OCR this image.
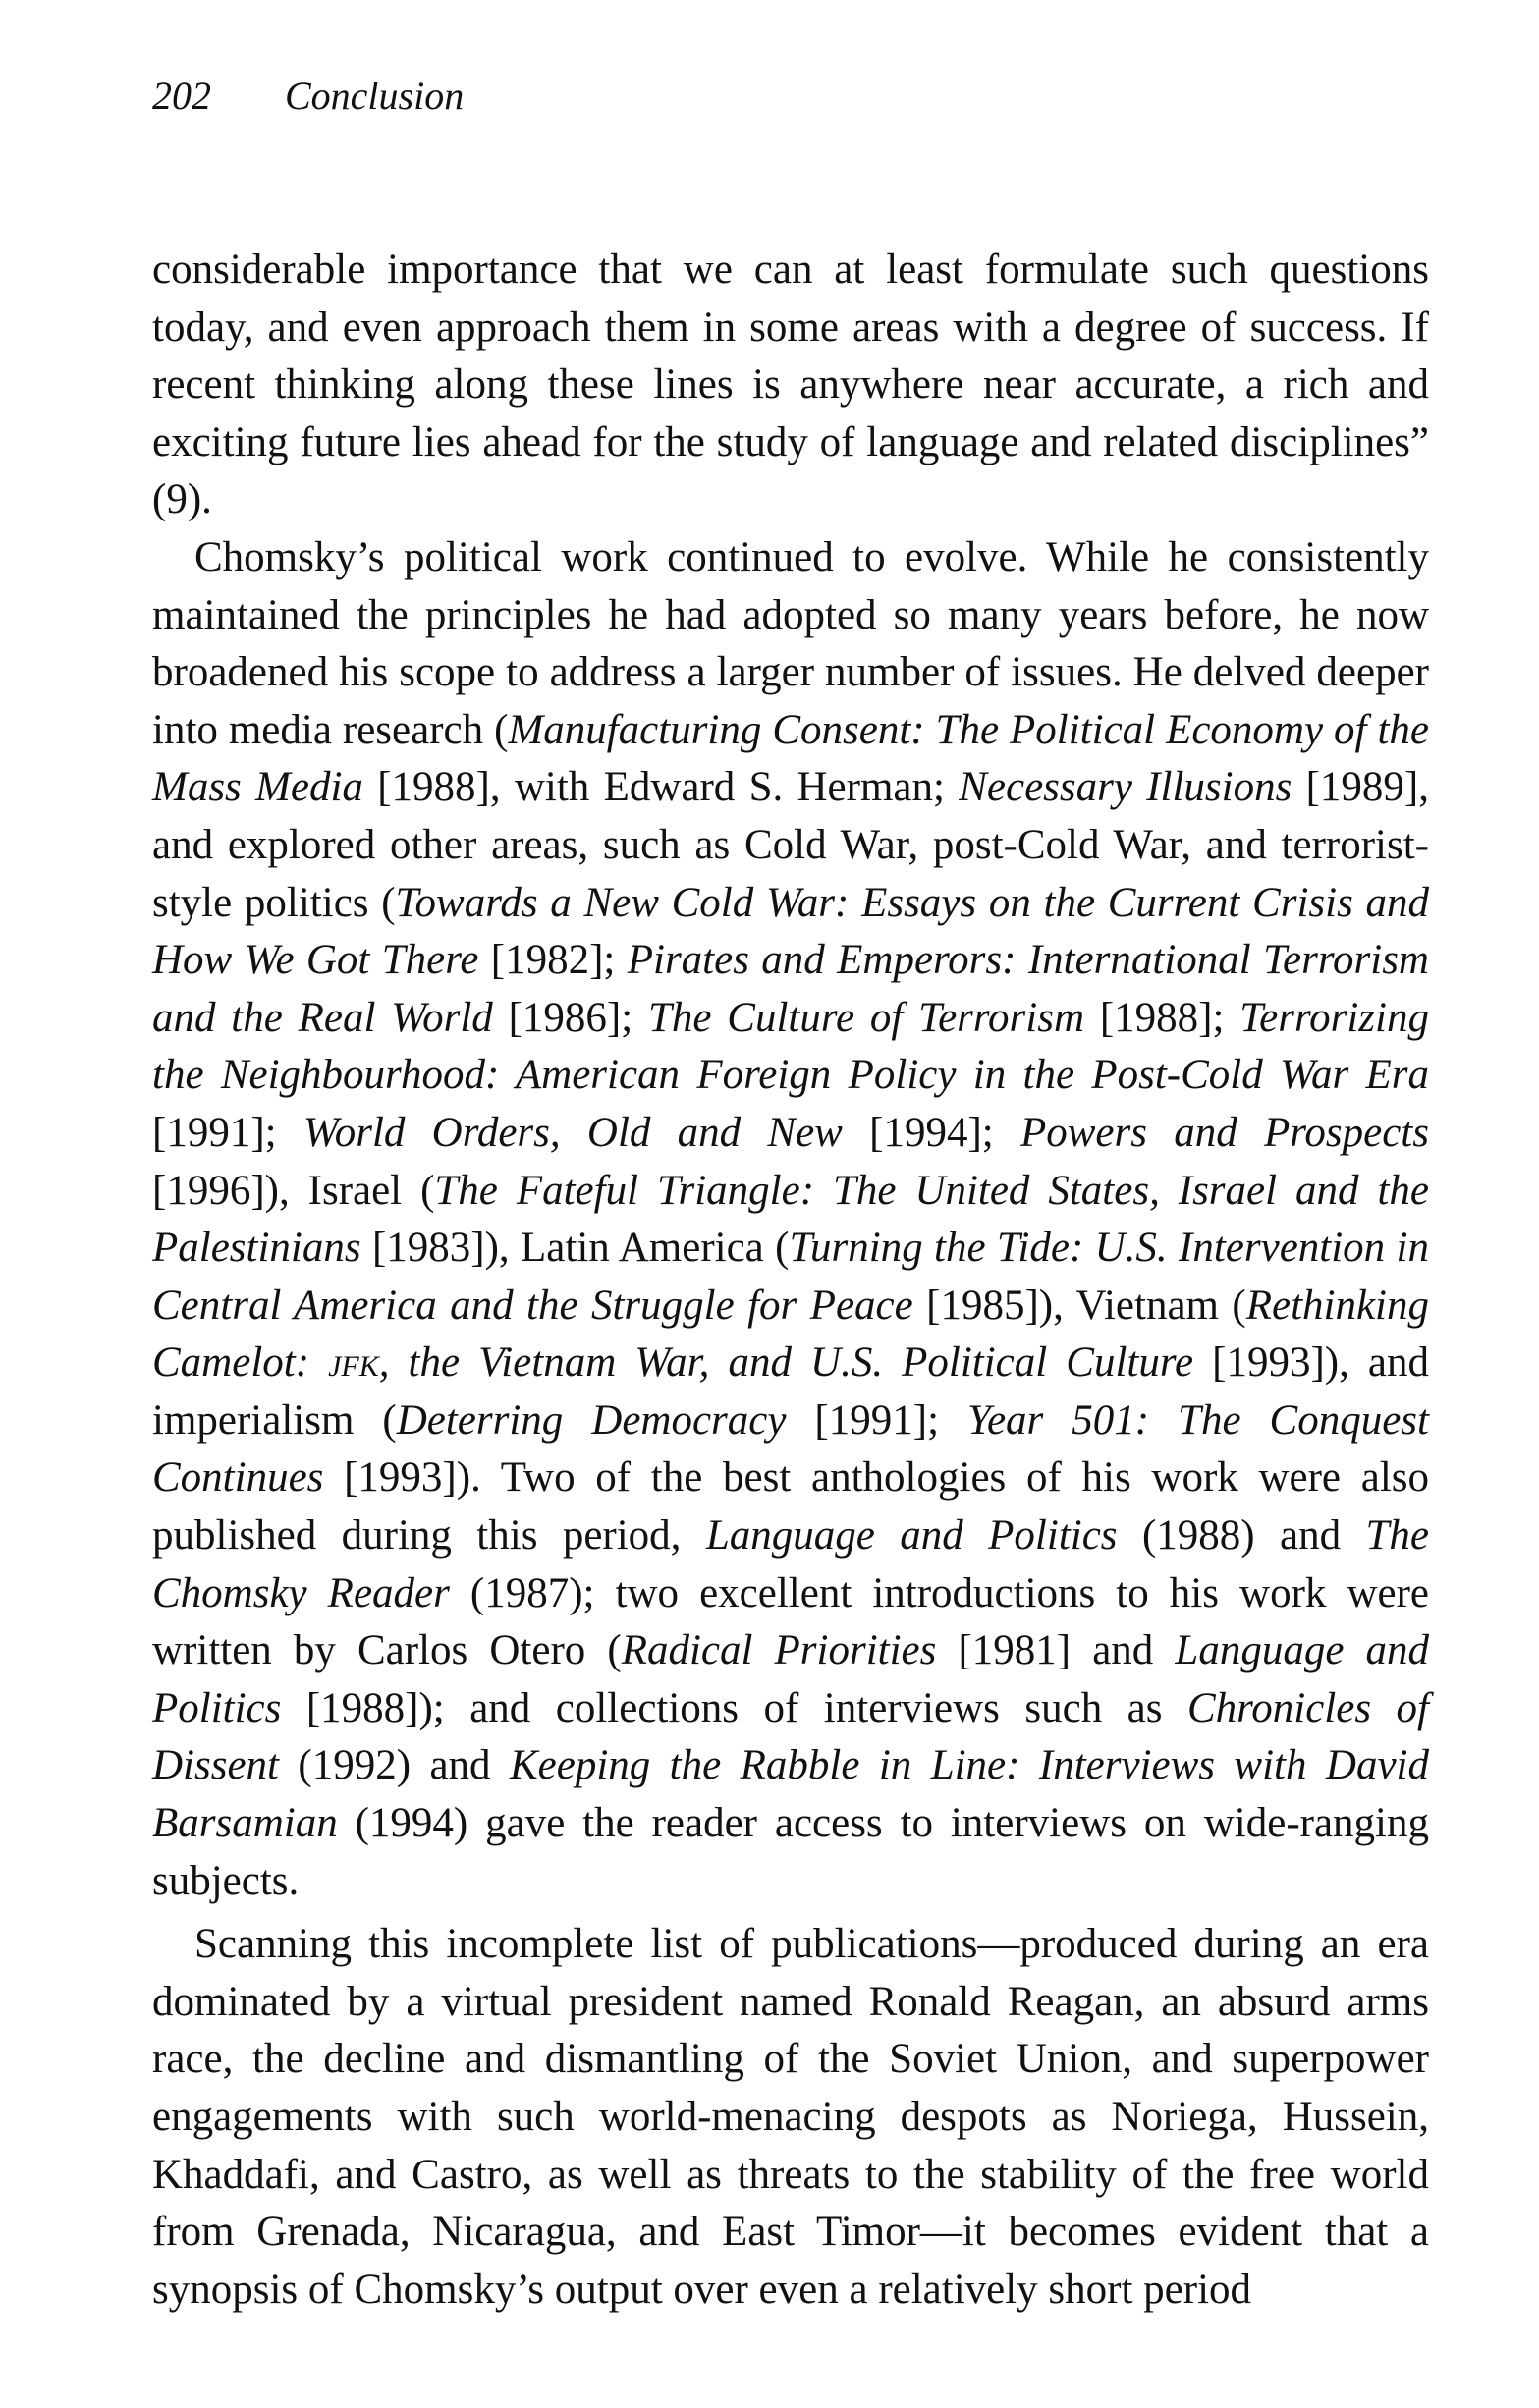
202 Conclusion

considerable importance that we can at least formulate such questions today, and even approach them in some areas with a degree of success. If recent thinking along these lines is anywhere near accurate, a rich and exciting future lies ahead for the study of language and related disciplines” (9).

Chomsky’s political work continued to evolve. While he consistently maintained the principles he had adopted so many years before, he now broadened his scope to address a larger number of issues. He delved deeper into media research (Manufacturing Consent: The Political Economy of the Mass Media [1988], with Edward S. Herman; Necessary Illusions [1989], and explored other areas, such as Cold War, post-Cold War, and terrorist-style politics (Towards a New Cold War: Essays on the Current Crisis and How We Got There [1982]; Pirates and Emperors: International Terrorism and the Real World [1986]; The Culture of Terrorism [1988]; Terrorizing the Neighbourhood: American Foreign Policy in the Post-Cold War Era [1991]; World Orders, Old and New [1994]; Powers and Prospects [1996]), Israel (The Fateful Triangle: The United States, Israel and the Palestinians [1983]), Latin America (Turning the Tide: U.S. Intervention in Central America and the Struggle for Peace [1985]), Vietnam (Rethinking Camelot: jfk, the Vietnam War, and U.S. Political Culture [1993]), and imperialism (Deterring Democracy [1991]; Year 501: The Conquest Continues [1993]). Two of the best anthologies of his work were also published during this period, Language and Politics (1988) and The Chomsky Reader (1987); two excellent introductions to his work were written by Carlos Otero (Radical Priorities [1981] and Language and Politics [1988]); and collections of interviews such as Chronicles of Dissent (1992) and Keeping the Rabble in Line: Interviews with David Barsamian (1994) gave the reader access to interviews on wide-ranging subjects.

Scanning this incomplete list of publications—produced during an era dominated by a virtual president named Ronald Reagan, an absurd arms race, the decline and dismantling of the Soviet Union, and superpower engagements with such world-menacing despots as Noriega, Hussein, Khaddafi, and Castro, as well as threats to the stability of the free world from Grenada, Nicaragua, and East Timor—it becomes evident that a synopsis of Chomsky’s output over even a relatively short period
